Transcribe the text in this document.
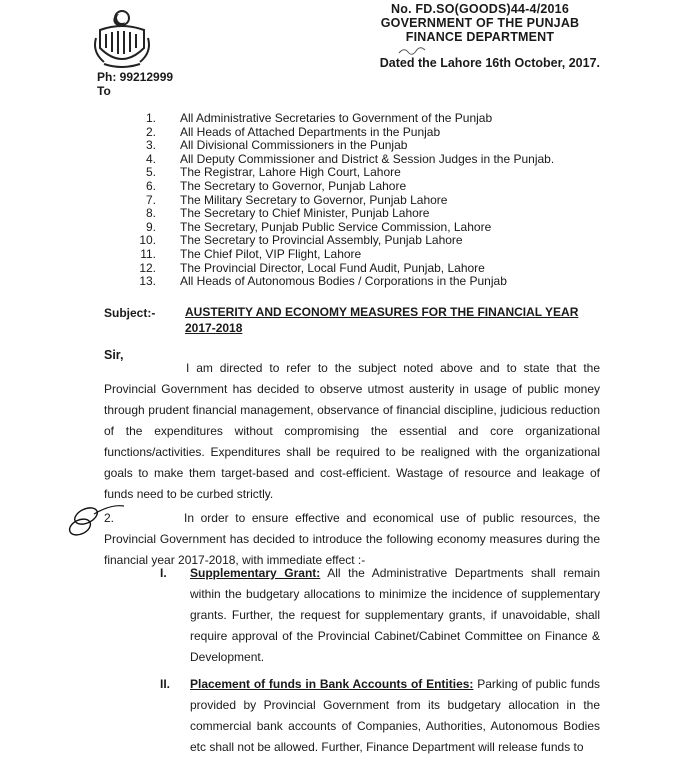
No. FD.SO(GOODS)44-4/2016
GOVERNMENT OF THE PUNJAB
FINANCE DEPARTMENT
Dated the Lahore 16th October, 2017.
Ph: 99212999
To
1.	All Administrative Secretaries to Government of the Punjab
2.	All Heads of Attached Departments in the Punjab
3.	All Divisional Commissioners in the Punjab
4.	All Deputy Commissioner and District & Session Judges in the Punjab.
5.	The Registrar, Lahore High Court, Lahore
6.	The Secretary to Governor, Punjab Lahore
7.	The Military Secretary to Governor, Punjab Lahore
8.	The Secretary to Chief Minister, Punjab Lahore
9.	The Secretary, Punjab Public Service Commission, Lahore
10.	The Secretary to Provincial Assembly, Punjab Lahore
11.	The Chief Pilot, VIP Flight, Lahore
12.	The Provincial Director, Local Fund Audit, Punjab, Lahore
13.	All Heads of Autonomous Bodies / Corporations in the Punjab
Subject:- AUSTERITY AND ECONOMY MEASURES FOR THE FINANCIAL YEAR 2017-2018
Sir,
I am directed to refer to the subject noted above and to state that the Provincial Government has decided to observe utmost austerity in usage of public money through prudent financial management, observance of financial discipline, judicious reduction of the expenditures without compromising the essential and core organizational functions/activities. Expenditures shall be required to be realigned with the organizational goals to make them target-based and cost-efficient. Wastage of resource and leakage of funds need to be curbed strictly.
2.	In order to ensure effective and economical use of public resources, the Provincial Government has decided to introduce the following economy measures during the financial year 2017-2018, with immediate effect :-
I.	Supplementary Grant: All the Administrative Departments shall remain within the budgetary allocations to minimize the incidence of supplementary grants. Further, the request for supplementary grants, if unavoidable, shall require approval of the Provincial Cabinet/Cabinet Committee on Finance & Development.
II.	Placement of funds in Bank Accounts of Entities: Parking of public funds provided by Provincial Government from its budgetary allocation in the commercial bank accounts of Companies, Authorities, Autonomous Bodies etc shall not be allowed. Further, Finance Department will release funds to
